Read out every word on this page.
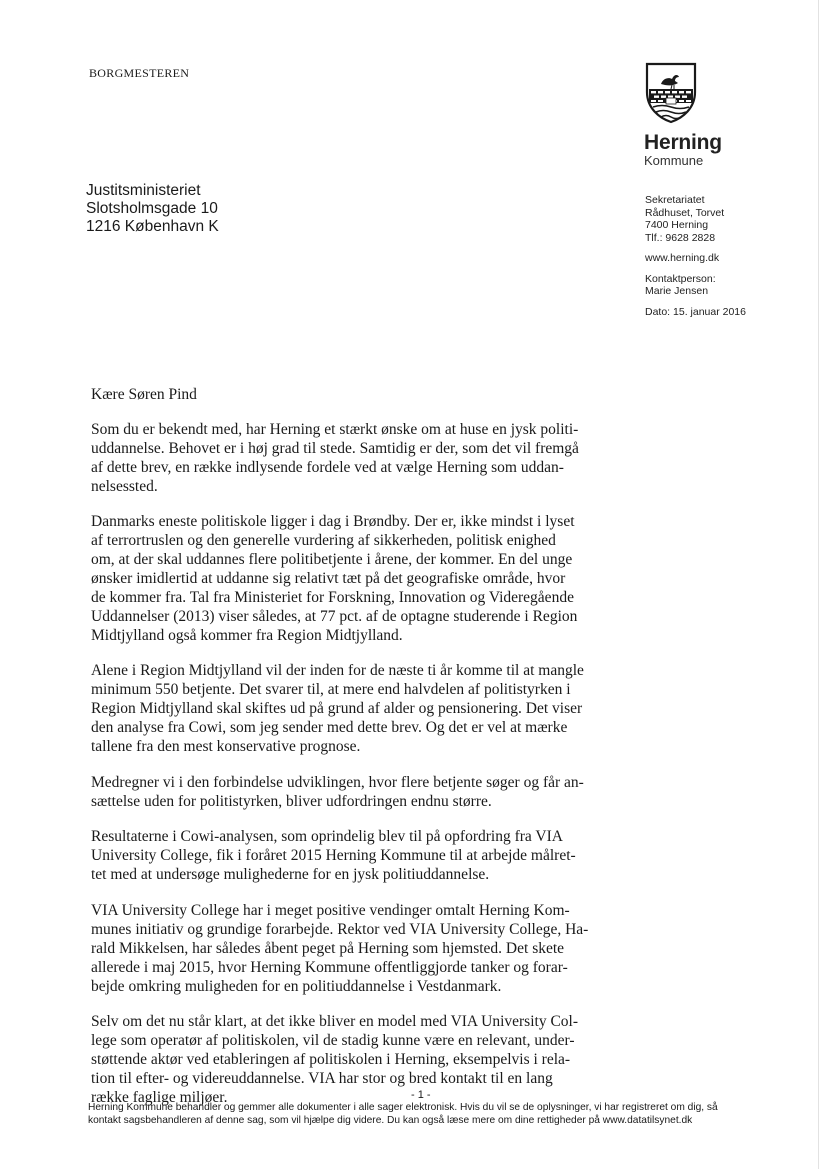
BORGMESTEREN
Herning
Kommune
Justitsministeriet
Slotsholmsgade 10
1216 København K
Sekretariatet
Rådhuset, Torvet
7400 Herning
Tlf.: 9628 2828
www.herning.dk
Kontaktperson:
Marie Jensen
Dato: 15. januar 2016
Kære Søren Pind

Som du er bekendt med, har Herning et stærkt ønske om at huse en jysk politi-
uddannelse. Behovet er i høj grad til stede. Samtidig er der, som det vil fremgå
af dette brev, en række indlysende fordele ved at vælge Herning som uddan-
nelsessted.

Danmarks eneste politiskole ligger i dag i Brøndby. Der er, ikke mindst i lyset
af terrortruslen og den generelle vurdering af sikkerheden, politisk enighed
om, at der skal uddannes flere politibetjente i årene, der kommer. En del unge
ønsker imidlertid at uddanne sig relativt tæt på det geografiske område, hvor
de kommer fra. Tal fra Ministeriet for Forskning, Innovation og Videregående
Uddannelser (2013) viser således, at 77 pct. af de optagne studerende i Region
Midtjylland også kommer fra Region Midtjylland.

Alene i Region Midtjylland vil der inden for de næste ti år komme til at mangle
minimum 550 betjente. Det svarer til, at mere end halvdelen af politistyrken i
Region Midtjylland skal skiftes ud på grund af alder og pensionering. Det viser
den analyse fra Cowi, som jeg sender med dette brev. Og det er vel at mærke
tallene fra den mest konservative prognose.

Medregner vi i den forbindelse udviklingen, hvor flere betjente søger og får an-
sættelse uden for politistyrken, bliver udfordringen endnu større.

Resultaterne i Cowi-analysen, som oprindelig blev til på opfordring fra VIA
University College, fik i foråret 2015 Herning Kommune til at arbejde målret-
tet med at undersøge mulighederne for en jysk politiuddannelse.

VIA University College har i meget positive vendinger omtalt Herning Kom-
munes initiativ og grundige forarbejde. Rektor ved VIA University College, Ha-
rald Mikkelsen, har således åbent peget på Herning som hjemsted. Det skete
allerede i maj 2015, hvor Herning Kommune offentliggjorde tanker og forar-
bejde omkring muligheden for en politiuddannelse i Vestdanmark.

Selv om det nu står klart, at det ikke bliver en model med VIA University Col-
lege som operatør af politiskolen, vil de stadig kunne være en relevant, under-
støttende aktør ved etableringen af politiskolen i Herning, eksempelvis i rela-
tion til efter- og videreuddannelse. VIA har stor og bred kontakt til en lang
række faglige miljøer.	- 1 -
Herning Kommune behandler og gemmer alle dokumenter i alle sager elektronisk. Hvis du vil se de oplysninger, vi har registreret om dig, så
kontakt sagsbehandleren af denne sag, som vil hjælpe dig videre. Du kan også læse mere om dine rettigheder på www.datatilsynet.dk
